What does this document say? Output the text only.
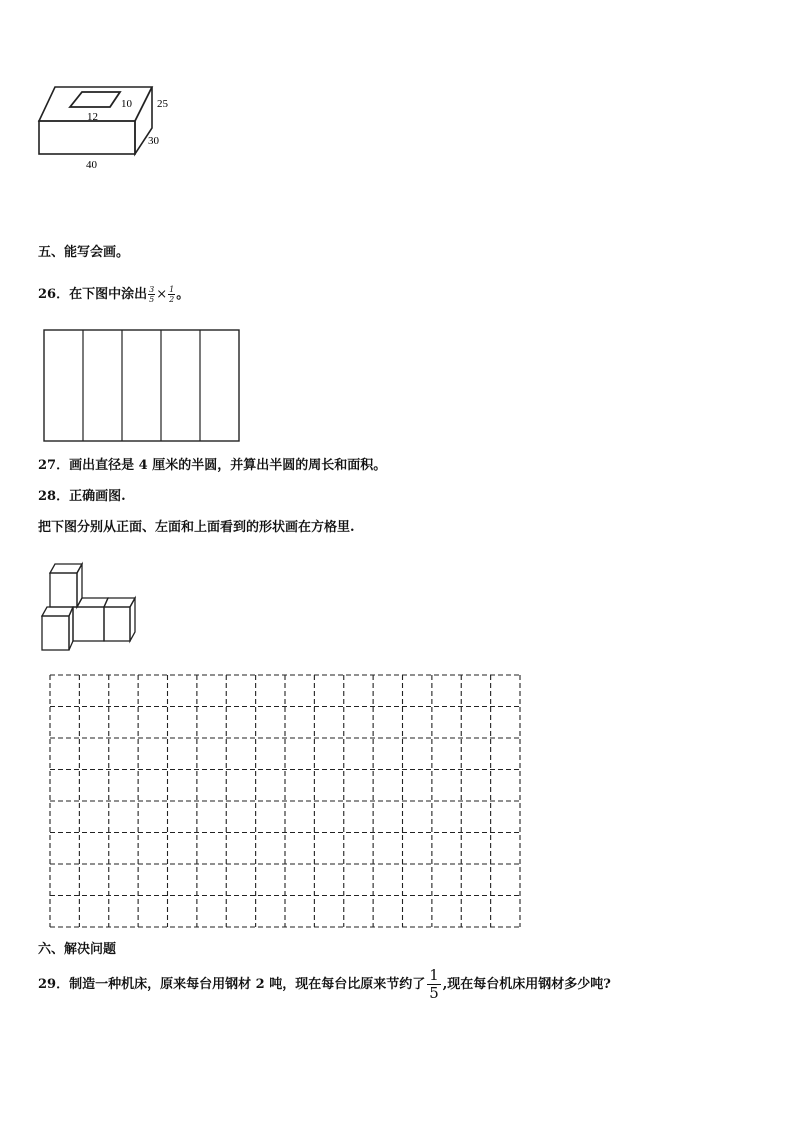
12
10 25
30
40
五、能写会画。
26．在下图中涂出 $\frac{3}{5} \times \frac{1}{2}$ 。
27．画出直径是 4 厘米的半圆，并算出半圆的周长和面积。
28．正确画图.
把下图分别从正面、左面和上面看到的形状画在方格里.
六、解决问题
29．制造一种机床，原来每台用钢材 2 吨，现在每台比原来节约了 $\frac{1}{5}$ ,现在每台机床用钢材多少吨?
